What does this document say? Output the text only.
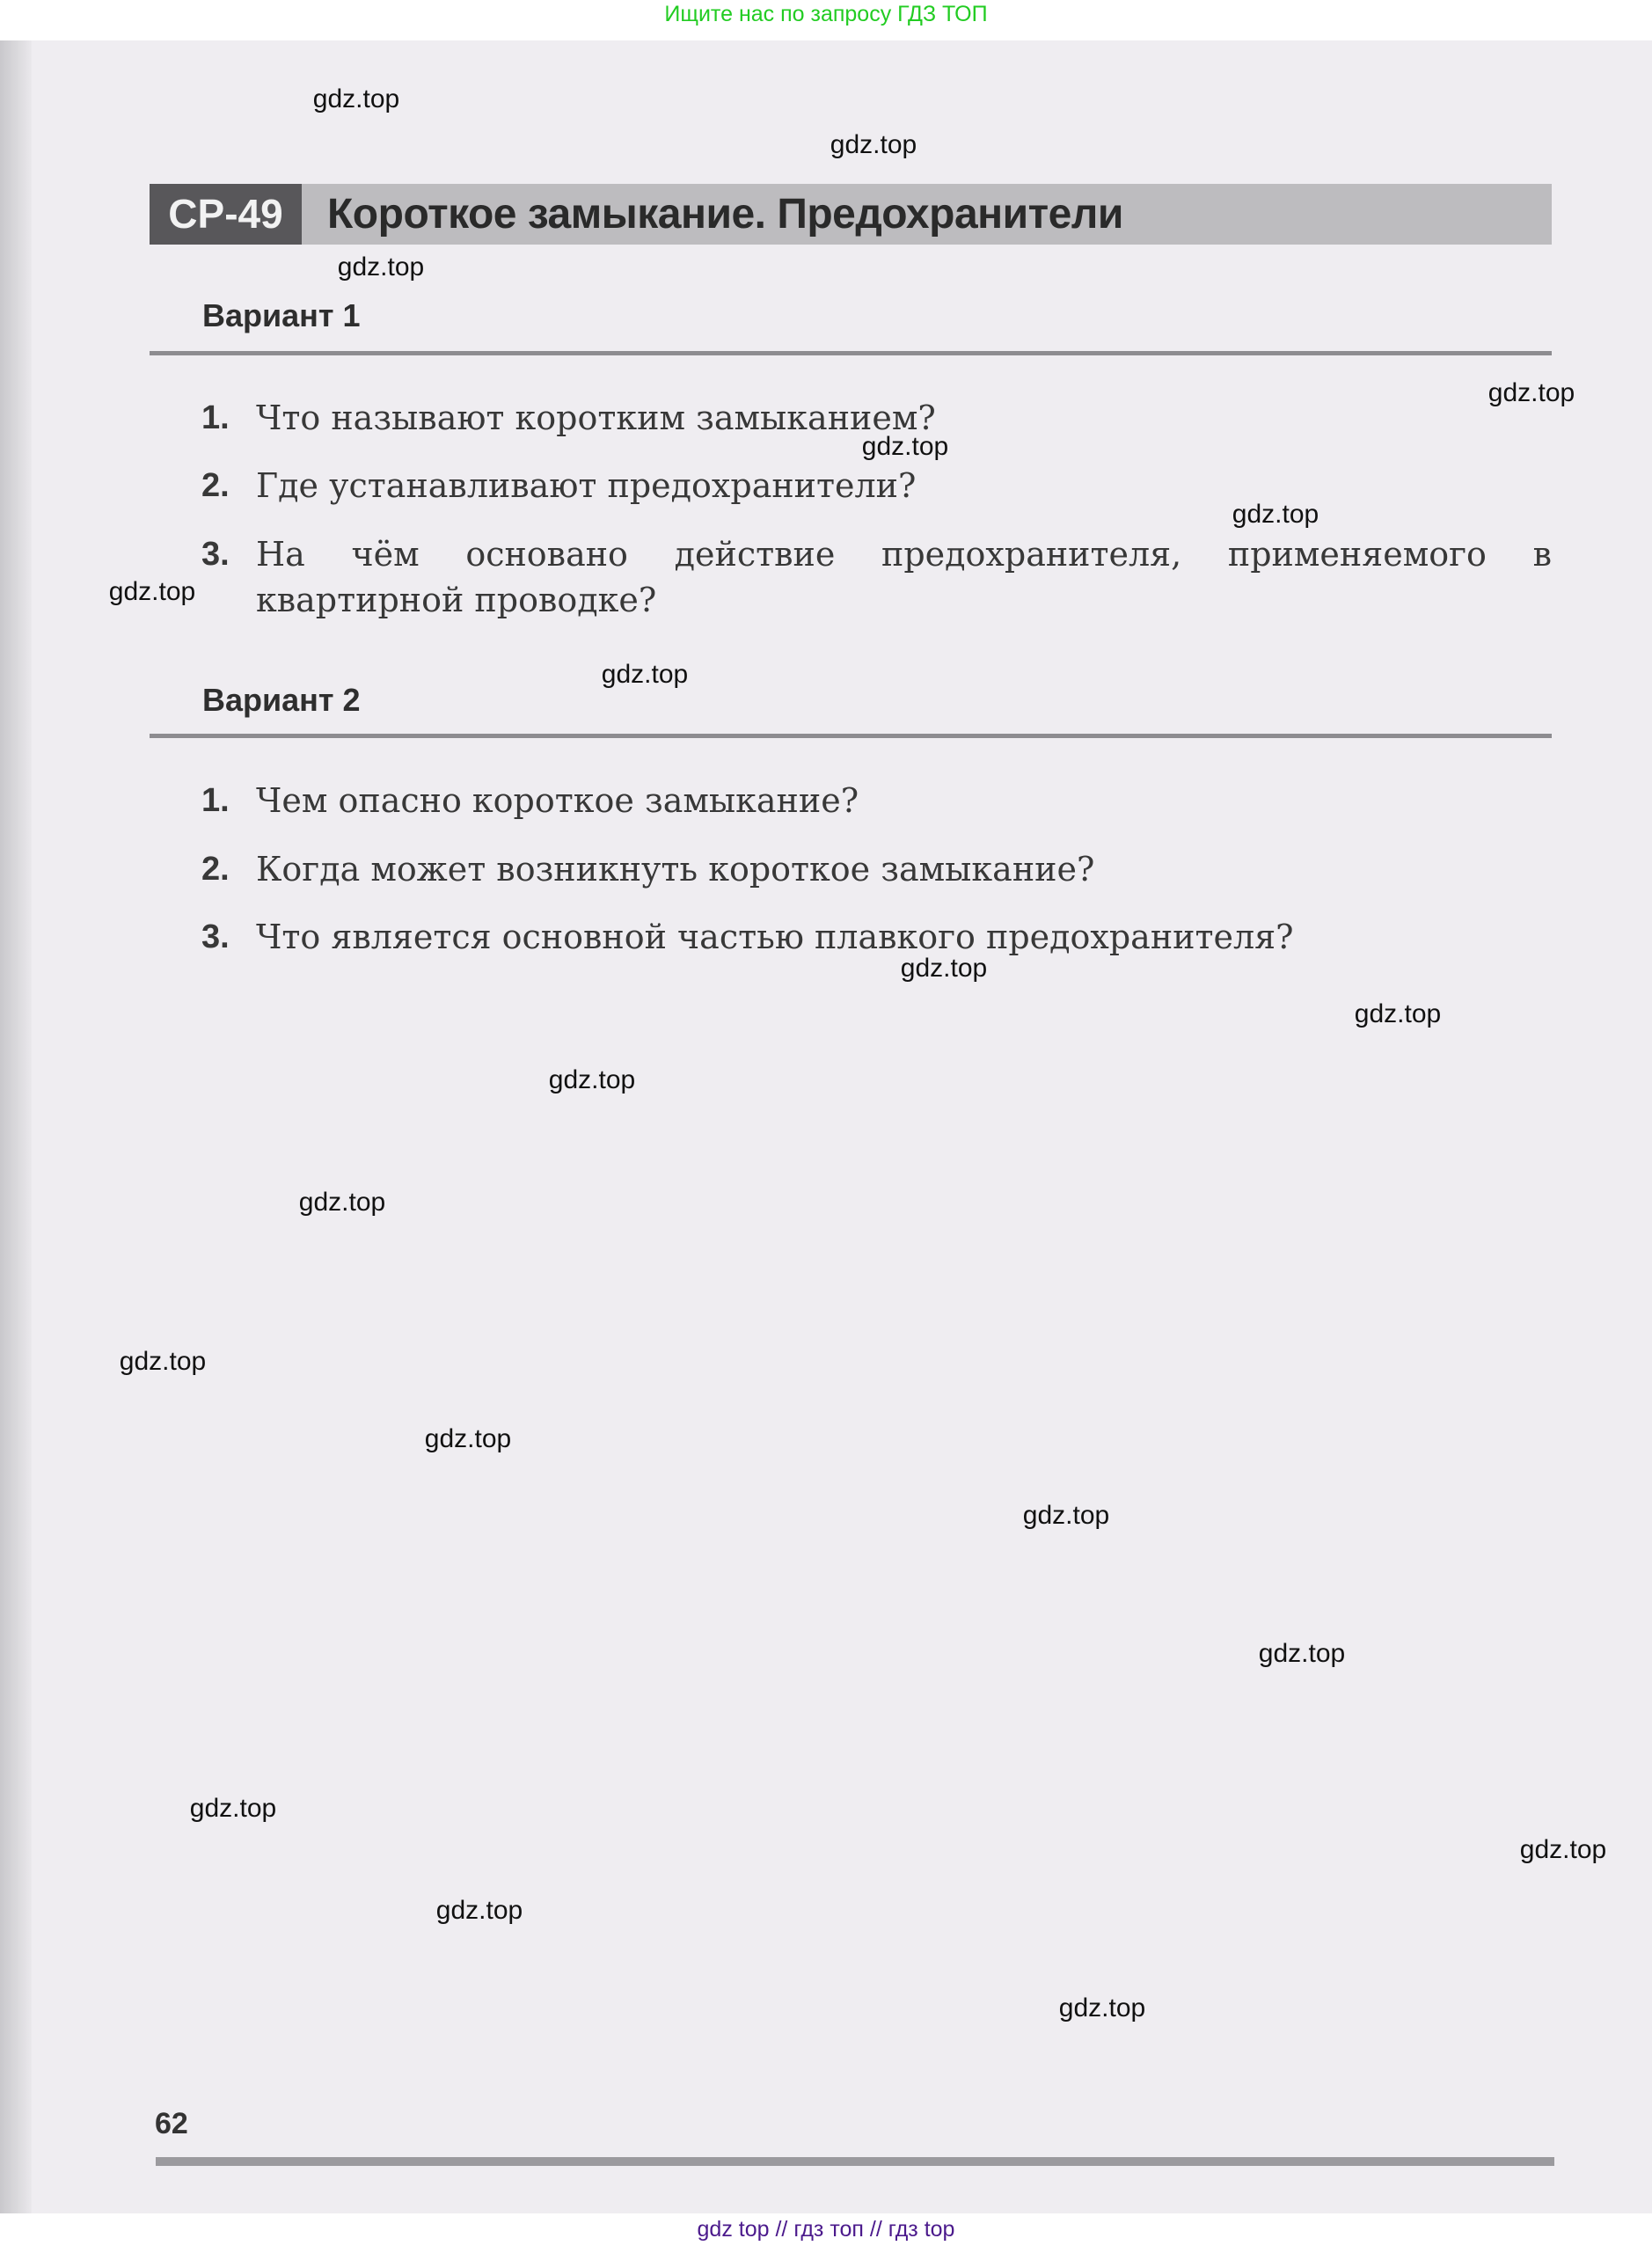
Ищите нас по запросу ГДЗ ТОП
СР-49	Короткое замыкание. Предохранители
Вариант 1
1. Что называют коротким замыканием?
2. Где устанавливают предохранители?
3. На чём основано действие предохранителя, применяемого в квартирной проводке?
Вариант 2
1. Чем опасно короткое замыкание?
2. Когда может возникнуть короткое замыкание?
3. Что является основной частью плавкого предохранителя?
62
gdz.top
gdz.top
gdz.top
gdz.top
gdz.top
gdz.top
gdz.top
gdz.top
gdz.top
gdz.top
gdz.top
gdz.top
gdz.top
gdz.top
gdz.top
gdz.top
gdz.top
gdz.top
gdz.top
gdz.top
gdz top // гдз топ // гдз top
